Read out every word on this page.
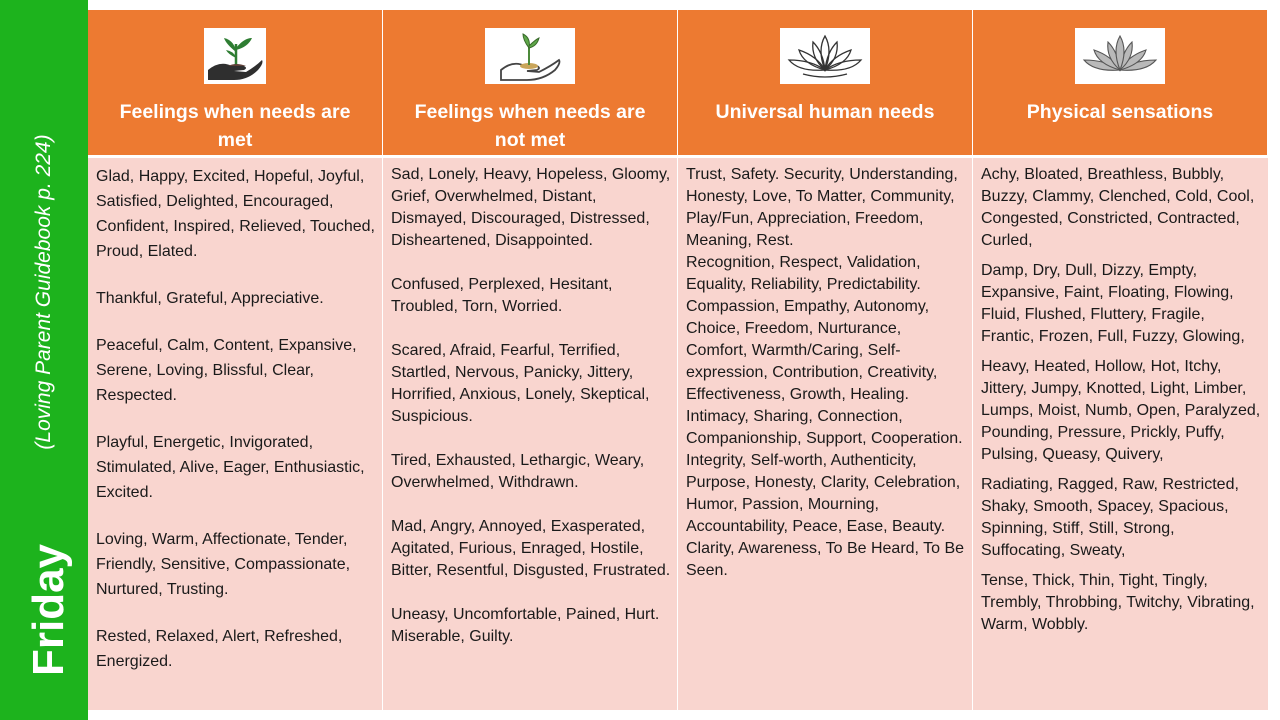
(Loving Parent Guidebook p. 224)
Friday
Feelings when needs are met
Feelings when needs are not met
Universal human needs	Physical sensations

Glad, Happy, Excited, Hopeful, Joyful, Satisfied, Delighted, Encouraged, Confident, Inspired, Relieved, Touched, Proud, Elated.

Thankful, Grateful, Appreciative.

Peaceful, Calm, Content, Expansive, Serene, Loving, Blissful, Clear, Respected.

Playful, Energetic, Invigorated, Stimulated, Alive, Eager, Enthusiastic, Excited.

Loving, Warm, Affectionate, Tender, Friendly, Sensitive, Compassionate, Nurtured, Trusting.

Rested, Relaxed, Alert, Refreshed, Energized.

Sad, Lonely, Heavy, Hopeless, Gloomy, Grief, Overwhelmed, Distant, Dismayed, Discouraged, Distressed, Disheartened, Disappointed.

Confused, Perplexed, Hesitant, Troubled, Torn, Worried.

Scared, Afraid, Fearful, Terrified, Startled, Nervous, Panicky, Jittery, Horrified, Anxious, Lonely, Skeptical, Suspicious.

Tired, Exhausted, Lethargic, Weary, Overwhelmed, Withdrawn.

Mad, Angry, Annoyed, Exasperated, Agitated, Furious, Enraged, Hostile, Bitter, Resentful, Disgusted, Frustrated.

Uneasy, Uncomfortable, Pained, Hurt. Miserable, Guilty.

Trust, Safety. Security, Understanding, Honesty, Love, To Matter, Community, Play/Fun, Appreciation, Freedom, Meaning, Rest.

Recognition, Respect, Validation, Equality, Reliability, Predictability.

Compassion, Empathy, Autonomy, Choice, Freedom, Nurturance, Comfort, Warmth/Caring, Self-expression, Contribution, Creativity, Effectiveness, Growth, Healing.

Intimacy, Sharing, Connection, Companionship, Support, Cooperation.

Integrity, Self-worth, Authenticity, Purpose, Honesty, Clarity, Celebration, Humor, Passion, Mourning, Accountability, Peace, Ease, Beauty.

Clarity, Awareness, To Be Heard, To Be Seen.

Achy, Bloated, Breathless, Bubbly, Buzzy, Clammy, Clenched, Cold, Cool, Congested, Constricted, Contracted, Curled,

Damp, Dry, Dull, Dizzy, Empty, Expansive, Faint, Floating, Flowing, Fluid, Flushed, Fluttery, Fragile, Frantic, Frozen, Full, Fuzzy, Glowing,

Heavy, Heated, Hollow, Hot, Itchy, Jittery, Jumpy, Knotted, Light, Limber, Lumps, Moist, Numb, Open, Paralyzed, Pounding, Pressure, Prickly, Puffy, Pulsing, Queasy, Quivery,

Radiating, Ragged, Raw, Restricted, Shaky, Smooth, Spacey, Spacious, Spinning, Stiff, Still, Strong, Suffocating, Sweaty,

Tense, Thick, Thin, Tight, Tingly, Trembly, Throbbing, Twitchy, Vibrating, Warm, Wobbly.
